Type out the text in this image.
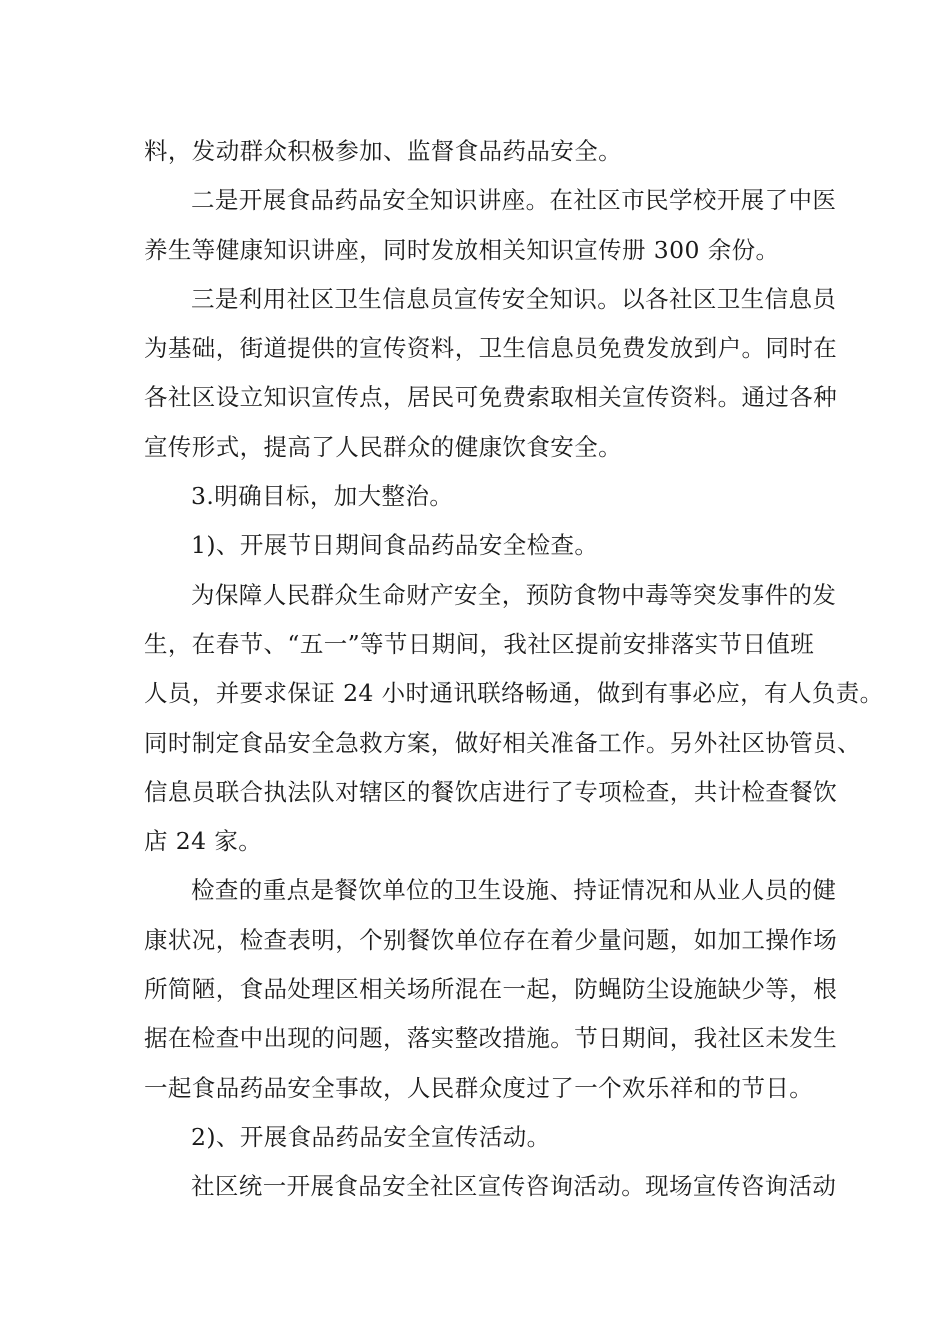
料，发动群众积极参加、监督食品药品安全。
二是开展食品药品安全知识讲座。在社区市民学校开展了中医
养生等健康知识讲座，同时发放相关知识宣传册 300 余份。
三是利用社区卫生信息员宣传安全知识。以各社区卫生信息员
为基础，街道提供的宣传资料，卫生信息员免费发放到户。同时在
各社区设立知识宣传点，居民可免费索取相关宣传资料。通过各种
宣传形式，提高了人民群众的健康饮食安全。
3.明确目标，加大整治。
1)、开展节日期间食品药品安全检查。
为保障人民群众生命财产安全，预防食物中毒等突发事件的发
生，在春节、“五一”等节日期间，我社区提前安排落实节日值班
人员，并要求保证 24 小时通讯联络畅通，做到有事必应，有人负责。
同时制定食品安全急救方案，做好相关准备工作。另外社区协管员、
信息员联合执法队对辖区的餐饮店进行了专项检查，共计检查餐饮
店 24 家。
检查的重点是餐饮单位的卫生设施、持证情况和从业人员的健
康状况，检查表明，个别餐饮单位存在着少量问题，如加工操作场
所简陋，食品处理区相关场所混在一起，防蝇防尘设施缺少等，根
据在检查中出现的问题，落实整改措施。节日期间，我社区未发生
一起食品药品安全事故，人民群众度过了一个欢乐祥和的节日。
2)、开展食品药品安全宣传活动。
社区统一开展食品安全社区宣传咨询活动。现场宣传咨询活动
